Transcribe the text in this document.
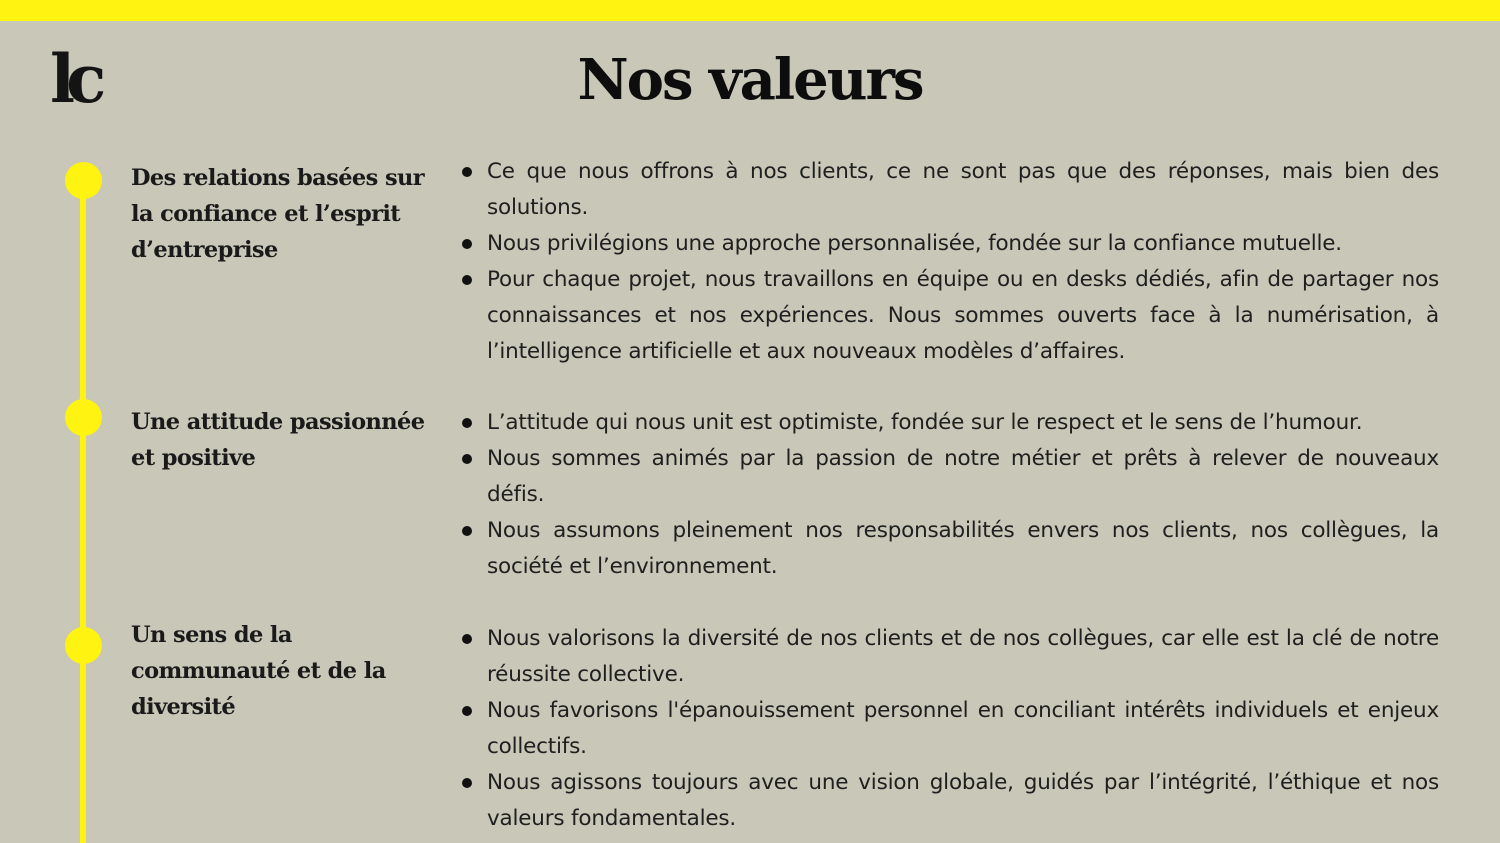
lc	Nos valeurs
Des relations basées sur la confiance et l’esprit d’entreprise
Ce que nous offrons à nos clients, ce ne sont pas que des réponses, mais bien des solutions.
Nous privilégions une approche personnalisée, fondée sur la confiance mutuelle.
Pour chaque projet, nous travaillons en équipe ou en desks dédiés, afin de partager nos connaissances et nos expériences. Nous sommes ouverts face à la numérisation, à l’intelligence artificielle et aux nouveaux modèles d’affaires.
Une attitude passionnée et positive
L’attitude qui nous unit est optimiste, fondée sur le respect et le sens de l’humour.
Nous sommes animés par la passion de notre métier et prêts à relever de nouveaux défis.
Nous assumons pleinement nos responsabilités envers nos clients, nos collègues, la société et l’environnement.
Un sens de la communauté et de la diversité
Nous valorisons la diversité de nos clients et de nos collègues, car elle est la clé de notre réussite collective.
Nous favorisons l'épanouissement personnel en conciliant intérêts individuels et enjeux collectifs.
Nous agissons toujours avec une vision globale, guidés par l’intégrité, l’éthique et nos valeurs fondamentales.
